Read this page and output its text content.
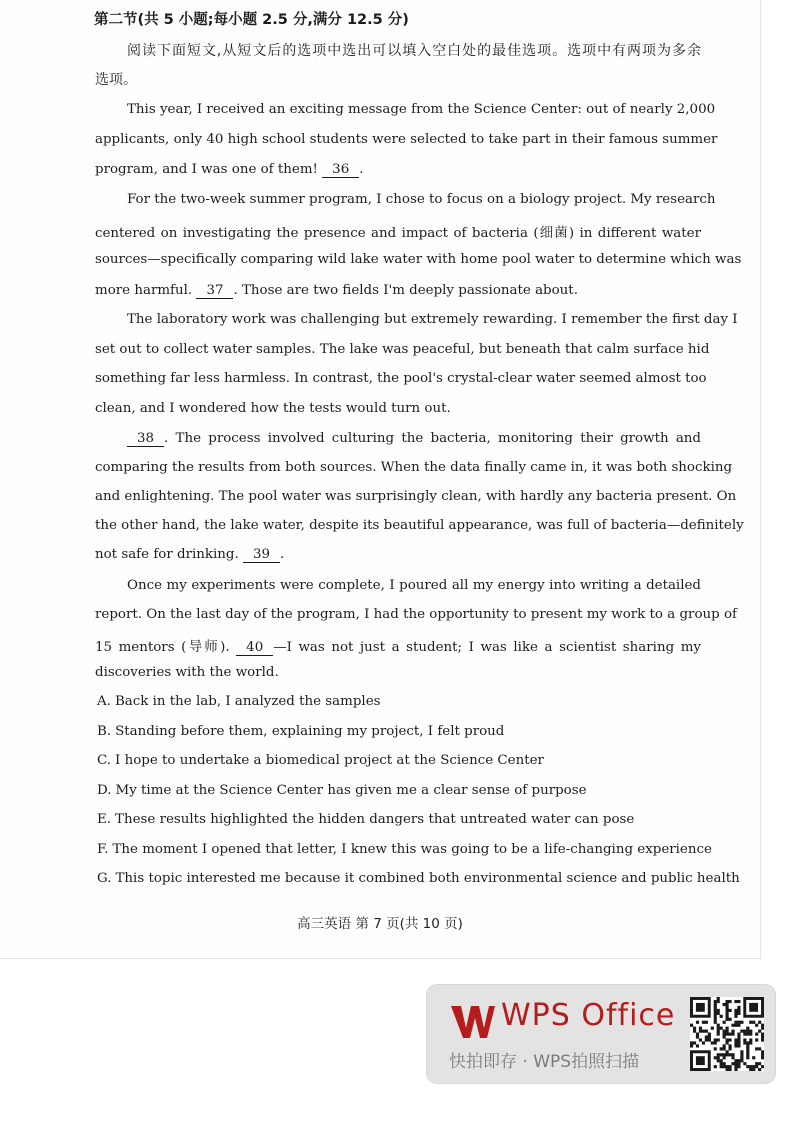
第二节(共 5 小题;每小题 2.5 分,满分 12.5 分)
阅读下面短文,从短文后的选项中选出可以填入空白处的最佳选项。选项中有两项为多余
选项。
This year, I received an exciting message from the Science Center: out of nearly 2,000
applicants, only 40 high school students were selected to take part in their famous summer
program, and I was one of them! 36 .
For the two-week summer program, I chose to focus on a biology project. My research
centered on investigating the presence and impact of bacteria (细菌) in different water
sources—specifically comparing wild lake water with home pool water to determine which was
more harmful. 37 . Those are two fields I'm deeply passionate about.
The laboratory work was challenging but extremely rewarding. I remember the first day I
set out to collect water samples. The lake was peaceful, but beneath that calm surface hid
something far less harmless. In contrast, the pool's crystal-clear water seemed almost too
clean, and I wondered how the tests would turn out.
38 . The process involved culturing the bacteria, monitoring their growth and
comparing the results from both sources. When the data finally came in, it was both shocking
and enlightening. The pool water was surprisingly clean, with hardly any bacteria present. On
the other hand, the lake water, despite its beautiful appearance, was full of bacteria—definitely
not safe for drinking. 39 .
Once my experiments were complete, I poured all my energy into writing a detailed
report. On the last day of the program, I had the opportunity to present my work to a group of
15 mentors (导师). 40 —I was not just a student; I was like a scientist sharing my
discoveries with the world.
A. Back in the lab, I analyzed the samples
B. Standing before them, explaining my project, I felt proud
C. I hope to undertake a biomedical project at the Science Center
D. My time at the Science Center has given me a clear sense of purpose
E. These results highlighted the hidden dangers that untreated water can pose
F. The moment I opened that letter, I knew this was going to be a life-changing experience
G. This topic interested me because it combined both environmental science and public health
高三英语 第 7 页(共 10 页)
WPS Office
快拍即存 · WPS拍照扫描
